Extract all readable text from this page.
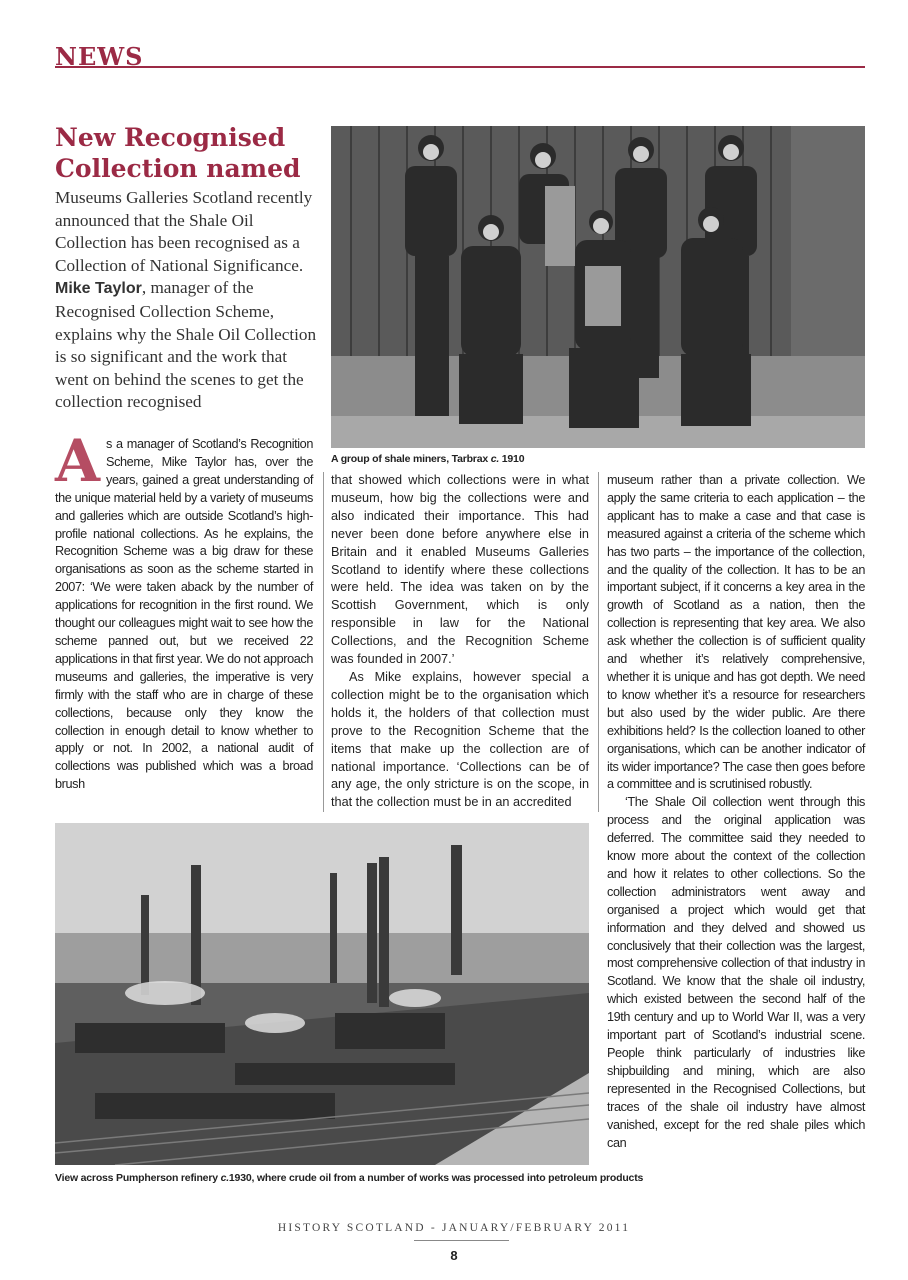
NEWS
New Recognised Collection named

Museums Galleries Scotland recently announced that the Shale Oil Collection has been recognised as a Collection of National Significance. Mike Taylor, manager of the Recognised Collection Scheme, explains why the Shale Oil Collection is so significant and the work that went on behind the scenes to get the collection recognised

A group of shale miners, Tarbrax c. 1910

A s a manager of Scotland’s Recognition Scheme, Mike Taylor has, over the years, gained a great understanding of the unique material held by a variety of museums and galleries which are outside Scotland’s high-profile national collections. As he explains, the Recognition Scheme was a big draw for these organisations as soon as the scheme started in 2007: ‘We were taken aback by the number of applications for recognition in the first round. We thought our colleagues might wait to see how the scheme panned out, but we received 22 applications in that first year. We do not approach museums and galleries, the imperative is very firmly with the staff who are in charge of these collections, because only they know the collection in enough detail to know whether to apply or not. In 2002, a national audit of collections was published which was a broad brush

that showed which collections were in what museum, how big the collections were and also indicated their importance. This had never been done before anywhere else in Britain and it enabled Museums Galleries Scotland to identify where these collections were held. The idea was taken on by the Scottish Government, which is only responsible in law for the National Collections, and the Recognition Scheme was founded in 2007.’

As Mike explains, however special a collection might be to the organisation which holds it, the holders of that collection must prove to the Recognition Scheme that the items that make up the collection are of national importance. ‘Collections can be of any age, the only stricture is on the scope, in that the collection must be in an accredited

museum rather than a private collection. We apply the same criteria to each application – the applicant has to make a case and that case is measured against a criteria of the scheme which has two parts – the importance of the collection, and the quality of the collection. It has to be an important subject, if it concerns a key area in the growth of Scotland as a nation, then the collection is representing that key area. We also ask whether the collection is of sufficient quality and whether it’s relatively comprehensive, whether it is unique and has got depth. We need to know whether it’s a resource for researchers but also used by the wider public. Are there exhibitions held? Is the collection loaned to other organisations, which can be another indicator of its wider importance? The case then goes before a committee and is scrutinised robustly.

‘The Shale Oil collection went through this process and the original application was deferred. The committee said they needed to know more about the context of the collection and how it relates to other collections. So the collection administrators went away and organised a project which would get that information and they delved and showed us conclusively that their collection was the largest, most comprehensive collection of that industry in Scotland. We know that the shale oil industry, which existed between the second half of the 19th century and up to World War II, was a very important part of Scotland’s industrial scene. People think particularly of industries like shipbuilding and mining, which are also represented in the Recognised Collections, but traces of the shale oil industry have almost vanished, except for the red shale piles which can

View across Pumpherson refinery c.1930, where crude oil from a number of works was processed into petroleum products

HISTORY SCOTLAND - JANUARY/FEBRUARY 2011
8
